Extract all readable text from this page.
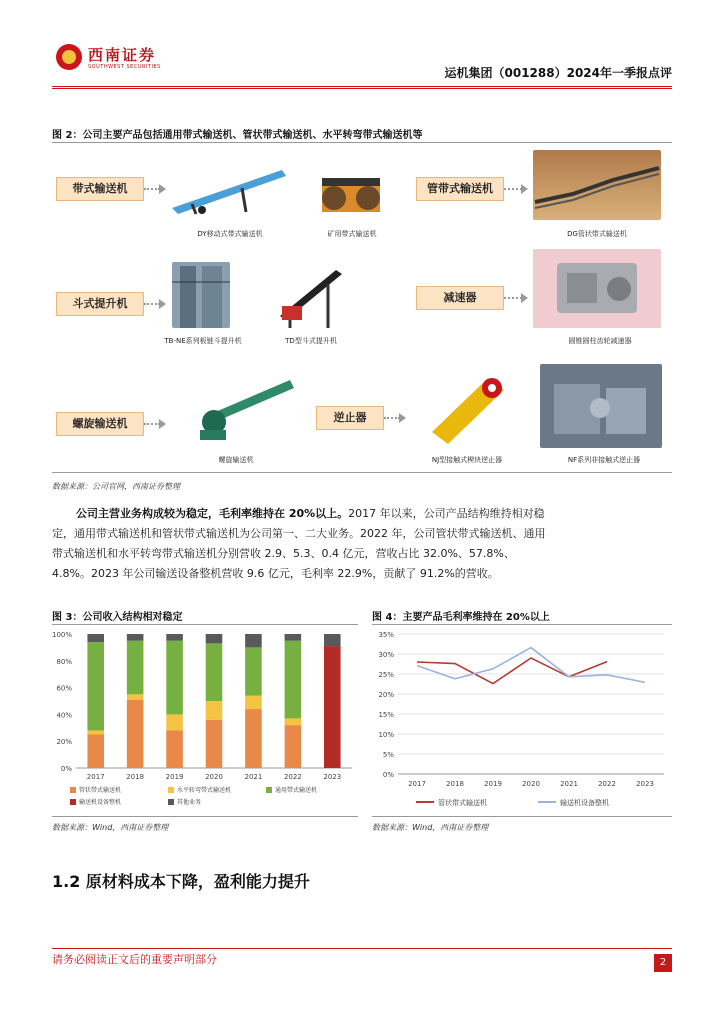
西南证券
SOUTHWEST SECURITIES	运机集团（001288）2024年一季报点评
图 2：公司主要产品包括通用带式输送机、管状带式输送机、水平转弯带式输送机等
带式输送机
DY移动式带式输送机	矿用带式输送机
管带式输送机
DG管状带式输送机
斗式提升机
TB-NE系列板链斗提升机	TD型斗式提升机
减速器
圆锥圆柱齿轮减速器
螺旋输送机
螺旋输送机
逆止器
NJ型接触式楔块逆止器	NF系列非接触式逆止器
数据来源：公司官网，西南证券整理
公司主营业务构成较为稳定，毛利率维持在 20%以上。2017 年以来，公司产品结构维持相对稳定，通用带式输送机和管状带式输送机为公司第一、二大业务。2022 年，公司管状带式输送机、通用带式输送机和水平转弯带式输送机分别营收 2.9、5.3、0.4 亿元，营收占比 32.0%、57.8%、4.8%。2023 年公司输送设备整机营收 9.6 亿元，毛利率 22.9%，贡献了 91.2%的营收。
图 3：公司收入结构相对稳定
2017	2018	2019	2020	2021	2022	2023
0%
20%
40%
60%
80%
100%
管状带式输送机	水平转弯带式输送机	通用带式输送机
输送机设备整机	其他业务
数据来源：Wind，西南证券整理
图 4：主要产品毛利率维持在 20%以上
2017	2018	2019	2020	2021	2022	2023
0%
5%
10%
15%
20%
25%
30%
35%
管状带式输送机	输送机设备整机
数据来源：Wind，西南证券整理
1.2 原材料成本下降，盈利能力提升
请务必阅读正文后的重要声明部分	2
